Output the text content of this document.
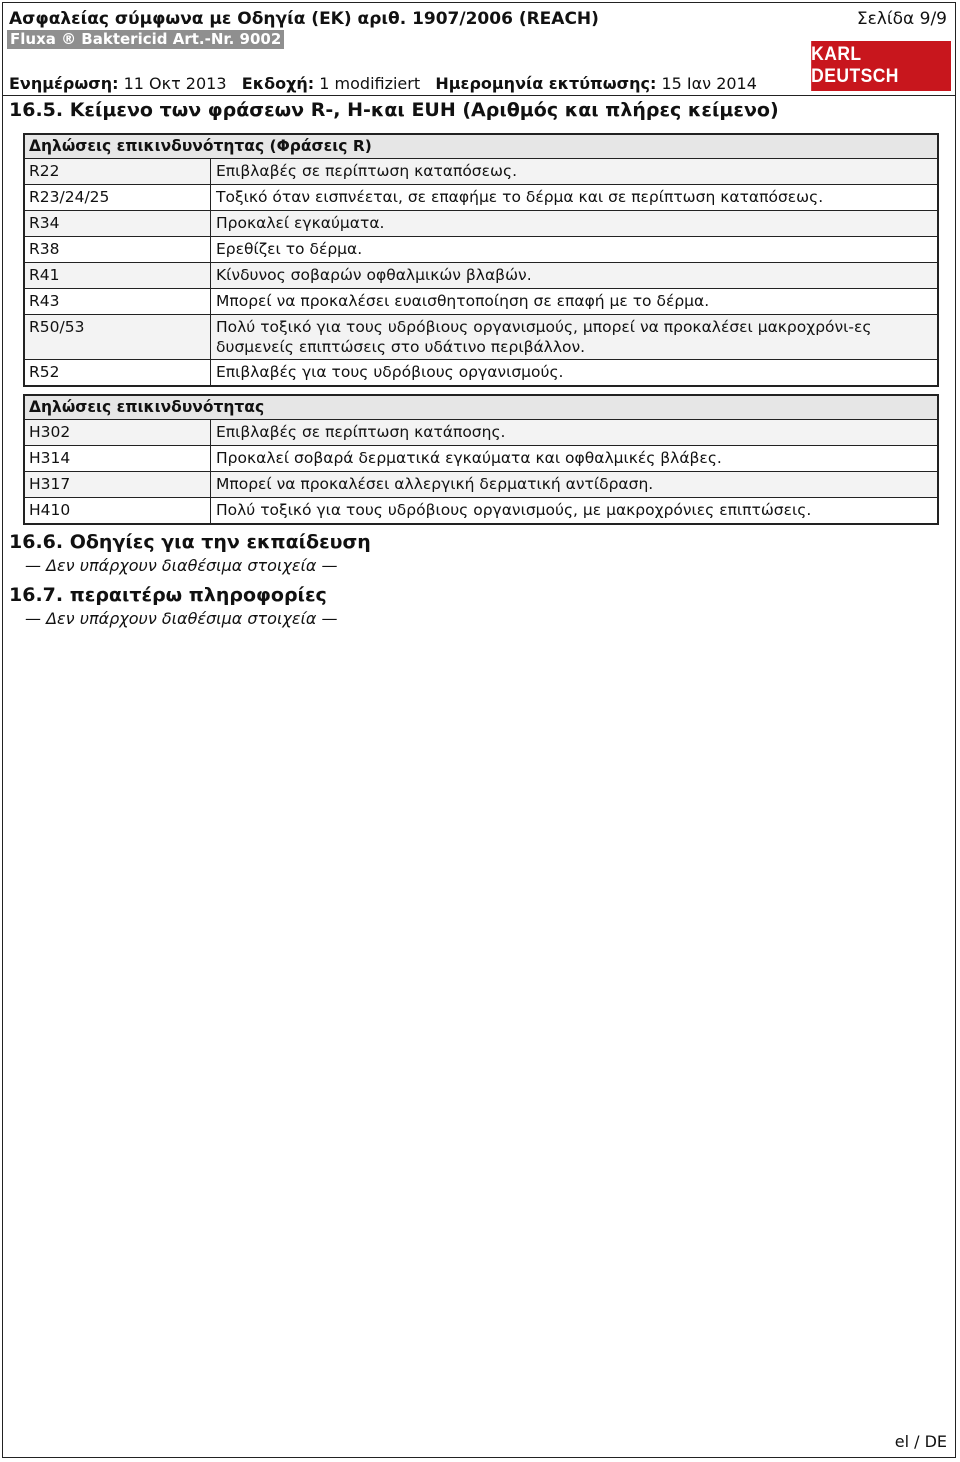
Ασφαλείας σύμφωνα με Οδηγία (ΕΚ) αριθ. 1907/2006 (REACH)	Σελίδα 9/9
Fluxa ® Baktericid Art.-Nr. 9002
Ενημέρωση: 11 Οκτ 2013 Εκδοχή: 1 modifiziert Ημερομηνία εκτύπωσης: 15 Ιαν 2014
KARL DEUTSCH
16.5. Κείμενο των φράσεων R-, H-και EUH (Αριθμός και πλήρες κείμενο)
Δηλώσεις επικινδυνότητας (Φράσεις R)
R22	Επιβλαβές σε περίπτωση καταπόσεως.
R23/24/25	Τοξικό όταν εισπνέεται, σε επαφήμε το δέρμα και σε περίπτωση καταπόσεως.
R34	Προκαλεί εγκαύματα.
R38	Ερεθίζει το δέρμα.
R41	Κίνδυνος σοβαρών οφθαλμικών βλαβών.
R43	Μπορεί να προκαλέσει ευαισθητοποίηση σε επαφή με το δέρμα.
R50/53	Πολύ τοξικό για τους υδρόβιους οργανισμούς, μπορεί να προκαλέσει μακροχρόνι-ες δυσμενείς επιπτώσεις στο υδάτινο περιβάλλον.
R52	Επιβλαβές για τους υδρόβιους οργανισμούς.
Δηλώσεις επικινδυνότητας
H302	Επιβλαβές σε περίπτωση κατάποσης.
H314	Προκαλεί σοβαρά δερματικά εγκαύματα και οφθαλμικές βλάβες.
H317	Μπορεί να προκαλέσει αλλεργική δερματική αντίδραση.
H410	Πολύ τοξικό για τους υδρόβιους οργανισμούς, με μακροχρόνιες επιπτώσεις.
16.6. Οδηγίες για την εκπαίδευση
— Δεν υπάρχουν διαθέσιμα στοιχεία —
16.7. περαιτέρω πληροφορίες
— Δεν υπάρχουν διαθέσιμα στοιχεία —
el / DE
